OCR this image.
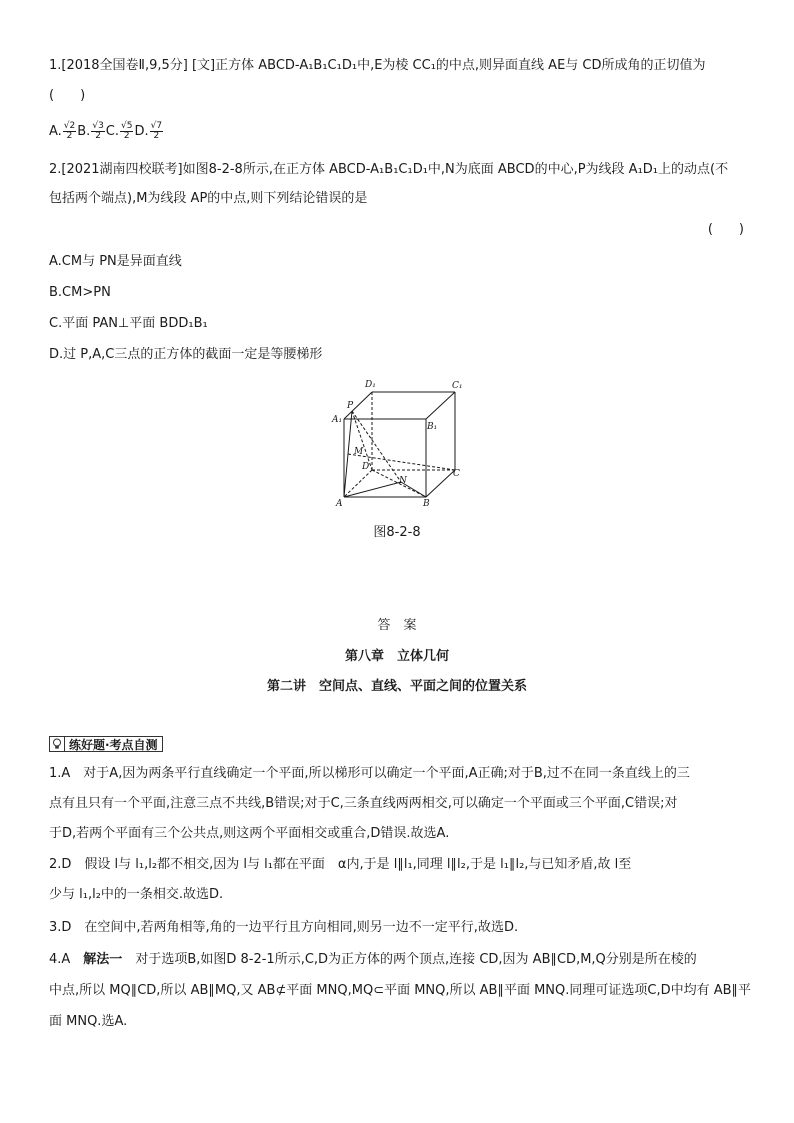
1.[2018全国卷Ⅱ,9,5分] [文]正方体 ABCD-A₁B₁C₁D₁中,E为棱 CC₁的中点,则异面直线 AE与 CD所成角的正切值为
(　　)
A. $\frac{√2}{2} B$. $\frac{√3}{2} C$. $\frac{√5}{2} D$. $\frac{√7}{2}$
2.[2021湖南四校联考]如图8-2-8所示,在正方体 ABCD-A₁B₁C₁D₁中,N为底面 ABCD的中心,P为线段 A₁D₁上的动点(不
包括两个端点),M为线段 AP的中点,则下列结论错误的是
(　　)
A.CM与 PN是异面直线
B.CM>PN
C.平面 PAN⊥平面 BDD₁B₁
D.过 P,A,C三点的正方体的截面一定是等腰梯形
D₁	C₁
P
A₁
B₁
M
D
C
N
A	B
图8-2-8
答　案
第八章　立体几何
第二讲　空间点、直线、平面之间的位置关系
练好题·考点自测
1.A　对于A,因为两条平行直线确定一个平面,所以梯形可以确定一个平面,A正确;对于B,过不在同一条直线上的三
点有且只有一个平面,注意三点不共线,B错误;对于C,三条直线两两相交,可以确定一个平面或三个平面,C错误;对
于D,若两个平面有三个公共点,则这两个平面相交或重合,D错误.故选A.
2.D　假设 l与 l₁,l₂都不相交,因为 l与 l₁都在平面　α内,于是 l∥l₁,同理 l∥l₂,于是 l₁∥l₂,与已知矛盾,故 l至
少与 l₁,l₂中的一条相交.故选D.
3.D　在空间中,若两角相等,角的一边平行且方向相同,则另一边不一定平行,故选D.
4.A　解法一　对于选项B,如图D 8-2-1所示,C,D为正方体的两个顶点,连接 CD,因为 AB∥CD,M,Q分别是所在棱的
中点,所以 MQ∥CD,所以 AB∥MQ,又 AB⊄平面 MNQ,MQ⊂平面 MNQ,所以 AB∥平面 MNQ.同理可证选项C,D中均有 AB∥平
面 MNQ.选A.
